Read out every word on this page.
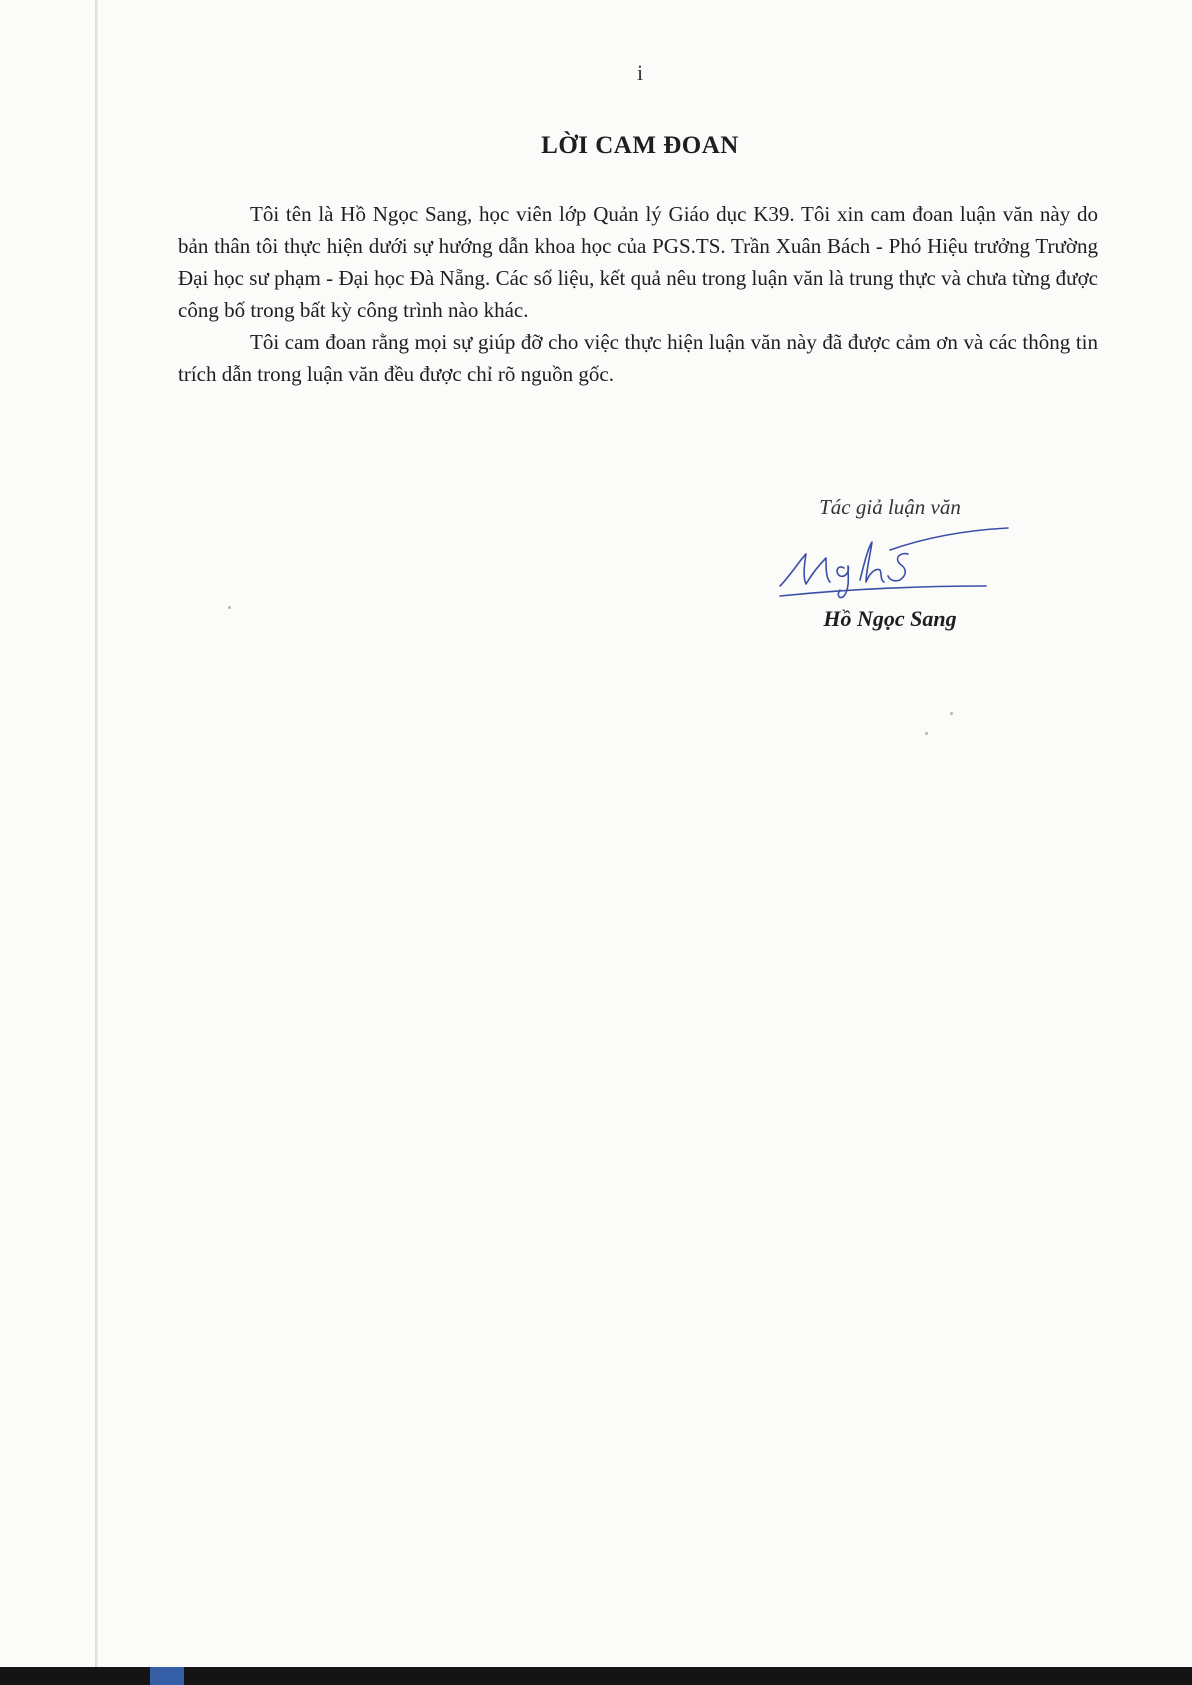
i
LỜI CAM ĐOAN

Tôi tên là Hồ Ngọc Sang, học viên lớp Quản lý Giáo dục K39. Tôi xin cam đoan luận văn này do bản thân tôi thực hiện dưới sự hướng dẫn khoa học của PGS.TS. Trần Xuân Bách - Phó Hiệu trưởng Trường Đại học sư phạm - Đại học Đà Nẵng. Các số liệu, kết quả nêu trong luận văn là trung thực và chưa từng được công bố trong bất kỳ công trình nào khác.

Tôi cam đoan rằng mọi sự giúp đỡ cho việc thực hiện luận văn này đã được cảm ơn và các thông tin trích dẫn trong luận văn đều được chỉ rõ nguồn gốc.

Tác giả luận văn
Hồ Ngọc Sang
